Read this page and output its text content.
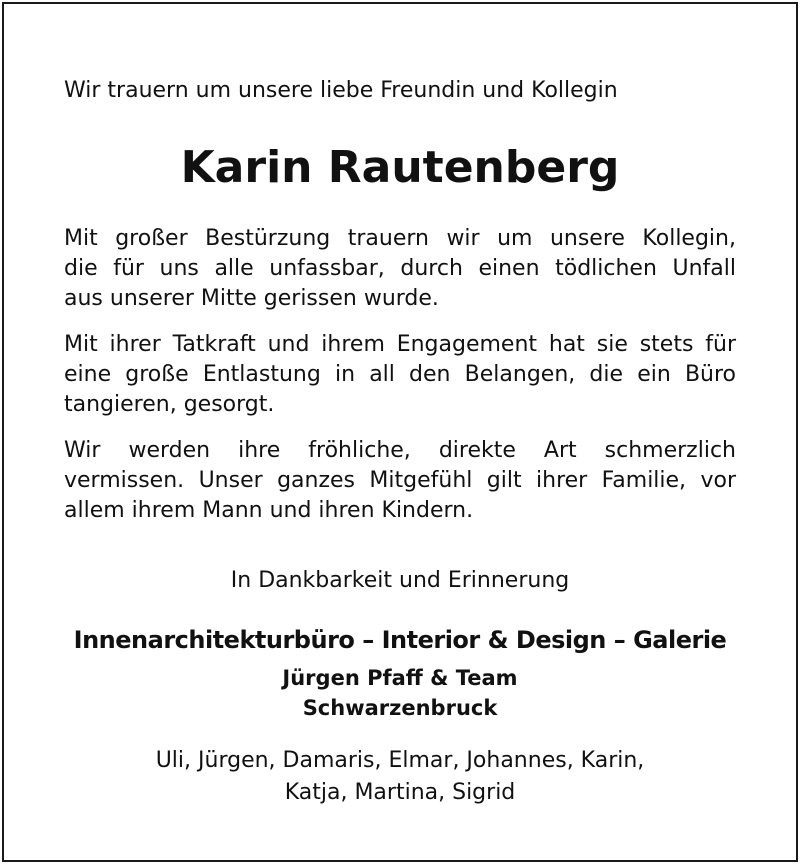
Wir trauern um unsere liebe Freundin und Kollegin
Karin Rautenberg
Mit großer Bestürzung trauern wir um unsere Kollegin,
die für uns alle unfassbar, durch einen tödlichen Unfall
aus unserer Mitte gerissen wurde.
Mit ihrer Tatkraft und ihrem Engagement hat sie stets für
eine große Entlastung in all den Belangen, die ein Büro
tangieren, gesorgt.
Wir werden ihre fröhliche, direkte Art schmerzlich
vermissen. Unser ganzes Mitgefühl gilt ihrer Familie, vor
allem ihrem Mann und ihren Kindern.
In Dankbarkeit und Erinnerung
Innenarchitekturbüro – Interior & Design – Galerie
Jürgen Pfaff & Team
Schwarzenbruck
Uli, Jürgen, Damaris, Elmar, Johannes, Karin,
Katja, Martina, Sigrid
